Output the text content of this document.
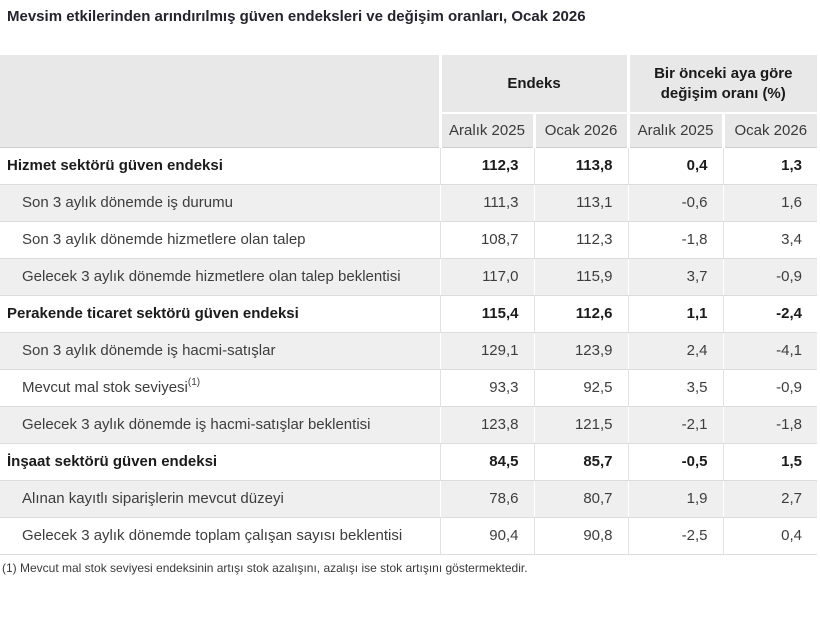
Mevsim etkilerinden arındırılmış güven endeksleri ve değişim oranları, Ocak 2026
	Endeks		Bir önceki aya göre değişim oranı (%)	
	Aralık 2025	Ocak 2026	Aralık 2025	Ocak 2026
Hizmet sektörü güven endeksi	112,3	113,8	0,4	1,3
Son 3 aylık dönemde iş durumu	111,3	113,1	-0,6	1,6
Son 3 aylık dönemde hizmetlere olan talep	108,7	112,3	-1,8	3,4
Gelecek 3 aylık dönemde hizmetlere olan talep beklentisi	117,0	115,9	3,7	-0,9
Perakende ticaret sektörü güven endeksi	115,4	112,6	1,1	-2,4
Son 3 aylık dönemde iş hacmi-satışlar	129,1	123,9	2,4	-4,1
Mevcut mal stok seviyesi$^{(1)}$	93,3	92,5	3,5	-0,9
Gelecek 3 aylık dönemde iş hacmi-satışlar beklentisi	123,8	121,5	-2,1	-1,8
İnşaat sektörü güven endeksi	84,5	85,7	-0,5	1,5
Alınan kayıtlı siparişlerin mevcut düzeyi	78,6	80,7	1,9	2,7
Gelecek 3 aylık dönemde toplam çalışan sayısı beklentisi	90,4	90,8	-2,5	0,4
(1) Mevcut mal stok seviyesi endeksinin artışı stok azalışını, azalışı ise stok artışını göstermektedir.
